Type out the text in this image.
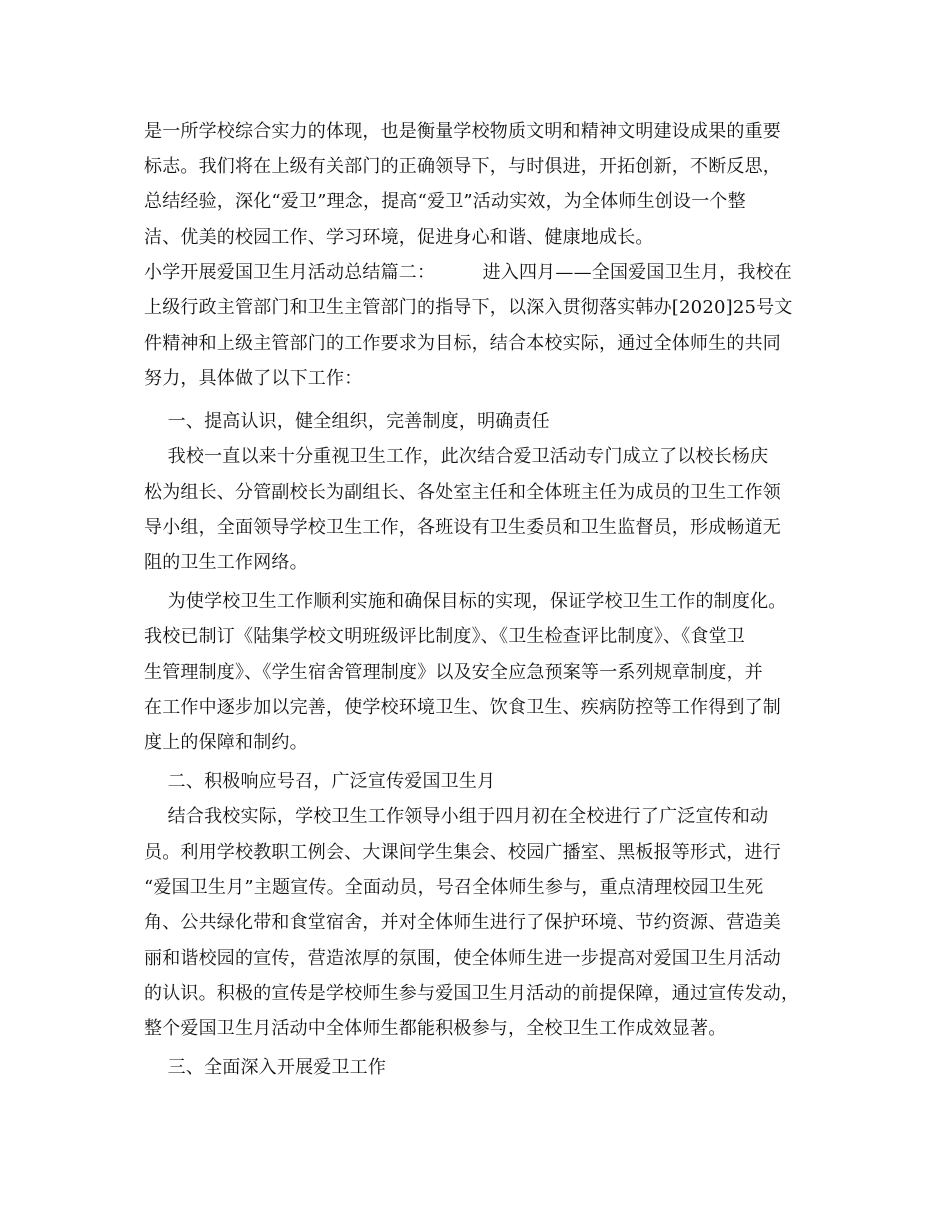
是一所学校综合实力的体现，也是衡量学校物质文明和精神文明建设成果的重要
标志。我们将在上级有关部门的正确领导下，与时俱进，开拓创新，不断反思，
总结经验，深化“爱卫”理念，提高“爱卫”活动实效，为全体师生创设一个整
洁、优美的校园工作、学习环境，促进身心和谐、健康地成长。
小学开展爱国卫生月活动总结篇二：        进入四月——全国爱国卫生月，我校在
上级行政主管部门和卫生主管部门的指导下，以深入贯彻落实韩办[2020]25号文
件精神和上级主管部门的工作要求为目标，结合本校实际，通过全体师生的共同
努力，具体做了以下工作：
一、提高认识，健全组织，完善制度，明确责任
我校一直以来十分重视卫生工作，此次结合爱卫活动专门成立了以校长杨庆
松为组长、分管副校长为副组长、各处室主任和全体班主任为成员的卫生工作领
导小组，全面领导学校卫生工作，各班设有卫生委员和卫生监督员，形成畅道无
阻的卫生工作网络。
为使学校卫生工作顺利实施和确保目标的实现，保证学校卫生工作的制度化。
我校已制订《陆集学校文明班级评比制度》、《卫生检查评比制度》、《食堂卫
生管理制度》、《学生宿舍管理制度》以及安全应急预案等一系列规章制度，并
在工作中逐步加以完善，使学校环境卫生、饮食卫生、疾病防控等工作得到了制
度上的保障和制约。
二、积极响应号召，广泛宣传爱国卫生月
结合我校实际，学校卫生工作领导小组于四月初在全校进行了广泛宣传和动
员。利用学校教职工例会、大课间学生集会、校园广播室、黑板报等形式，进行
“爱国卫生月”主题宣传。全面动员，号召全体师生参与，重点清理校园卫生死
角、公共绿化带和食堂宿舍，并对全体师生进行了保护环境、节约资源、营造美
丽和谐校园的宣传，营造浓厚的氛围，使全体师生进一步提高对爱国卫生月活动
的认识。积极的宣传是学校师生参与爱国卫生月活动的前提保障，通过宣传发动，
整个爱国卫生月活动中全体师生都能积极参与，全校卫生工作成效显著。
三、全面深入开展爱卫工作
